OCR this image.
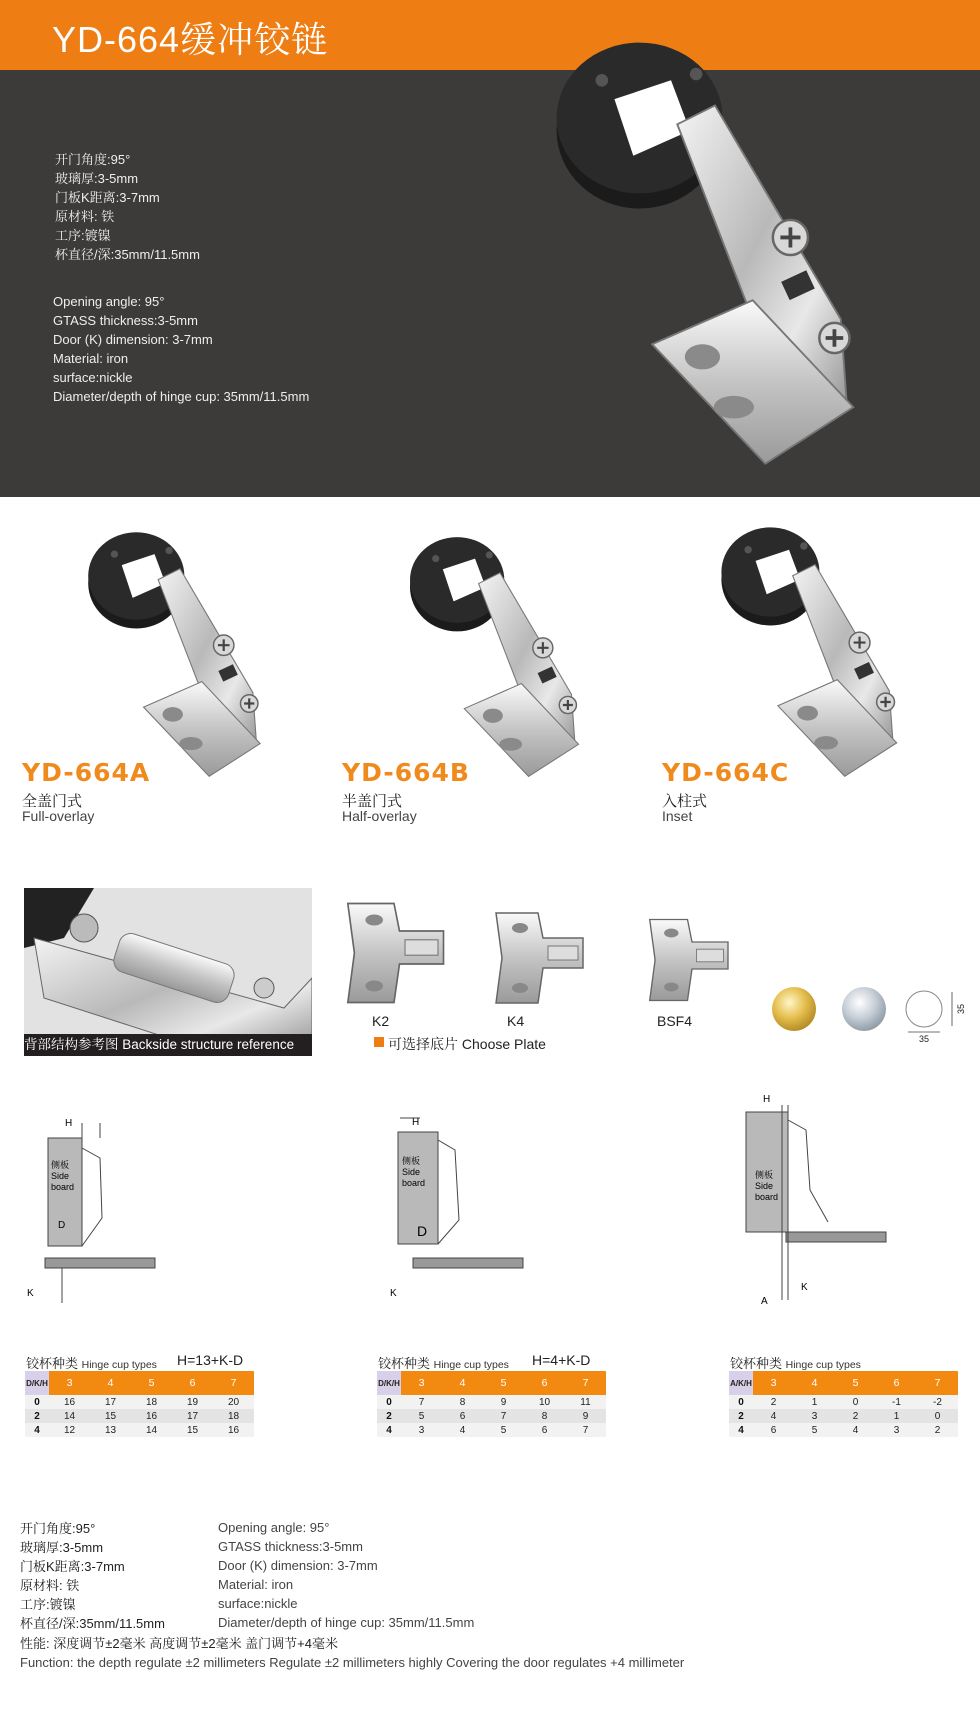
YD-664缓冲铰链
开门角度:95°
玻璃厚:3-5mm
门板K距离:3-7mm
原材料: 铁
工序:镀镍
杯直径/深:35mm/11.5mm
Opening angle: 95°
GTASS thickness:3-5mm
Door (K) dimension: 3-7mm
Material: iron
surface:nickle
Diameter/depth of hinge cup: 35mm/11.5mm
YD-664A
全盖门式
Full-overlay
YD-664B
半盖门式
Half-overlay
YD-664C
入柱式
Inset
背部结构参考图 Backside structure reference
K2	K4	BSF4
可选择底片 Choose Plate	35
35
H
侧板
Side
board
D
K
H
侧板
Side
board
D
K
H
侧板
Side
board
A
K
铰杯种类 Hinge cup types H=13+K-D
D/K/H	3	4	5	6	7
0	16	17	18	19	20
2	14	15	16	17	18
4	12	13	14	15	16
铰杯种类 Hinge cup types H=4+K-D
D/K/H	3	4	5	6	7
0	7	8	9	10	11
2	5	6	7	8	9
4	3	4	5	6	7
铰杯种类 Hinge cup types
A/K/H	3	4	5	6	7
0	2	1	0	-1	-2
2	4	3	2	1	0
4	6	5	4	3	2
开门角度:95°
玻璃厚:3-5mm
门板K距离:3-7mm
原材料: 铁
工序:镀镍
杯直径/深:35mm/11.5mm
Opening angle: 95°
GTASS thickness:3-5mm
Door (K) dimension: 3-7mm
Material: iron
surface:nickle
Diameter/depth of hinge cup: 35mm/11.5mm
性能: 深度调节±2毫米 高度调节±2毫米 盖门调节+4毫米
Function: the depth regulate ±2 millimeters Regulate ±2 millimeters highly Covering the door regulates +4 millimeter
